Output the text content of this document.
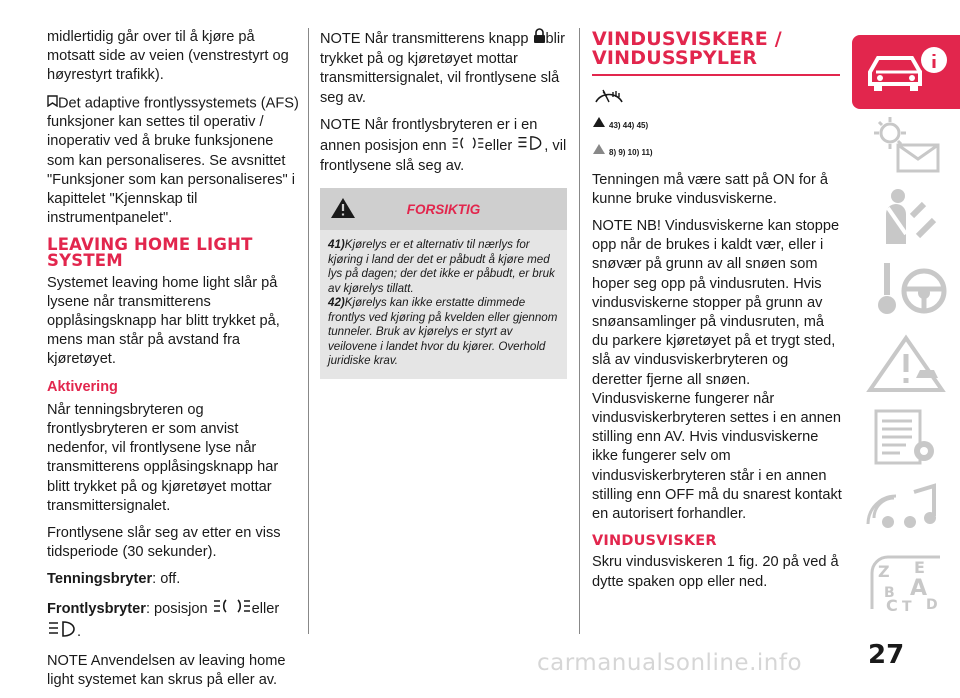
midlertidig går over til å kjøre på motsatt side av veien (venstrestyrt og høyrestyrt trafikk).

Det adaptive frontlyssystemets (AFS) funksjoner kan settes til operativ / inoperativ ved å bruke funksjonene som kan personaliseres. Se avsnittet "Funksjoner som kan personaliseres" i kapittelet "Kjennskap til instrumentpanelet".

LEAVING HOME LIGHT
SYSTEM

Systemet leaving home light slår på lysene når transmitterens opplåsingsknapp har blitt trykket på, mens man står på avstand fra kjøretøyet.

Aktivering

Når tenningsbryteren og frontlysbryteren er som anvist nedenfor, vil frontlysene lyse når transmitterens opplåsingsknapp har blitt trykket på og kjøretøyet mottar transmittersignalet.

Frontlysene slår seg av etter en viss tidsperiode (30 sekunder).

Tenningsbryter: off.

Frontlysbryter: posisjon	eller
.

NOTE Anvendelsen av leaving home light systemet kan skrus på eller av.

NOTE Når transmitterens knapp blir trykket på og kjøretøyet mottar transmittersignalet, vil frontlysene slå seg av.

NOTE Når frontlysbryteren er i en annen posisjon enn	eller , vil frontlysene slå seg av.

FORSIKTIG

41)Kjørelys er et alternativ til nærlys for kjøring i land der det er påbudt å kjøre med lys på dagen; der det ikke er påbudt, er bruk av kjørelys tillatt.

42)Kjørelys kan ikke erstatte dimmede frontlys ved kjøring på kvelden eller gjennom tunneler. Bruk av kjørelys er styrt av veilovene i landet hvor du kjører. Overhold juridiske krav.

VINDUSVISKERE /
VINDUSSPYLER
43) 44) 45)
8) 9) 10) 11)

Tenningen må være satt på ON for å kunne bruke vindusviskerne.

NOTE NB! Vindusviskerne kan stoppe opp når de brukes i kaldt vær, eller i snøvær på grunn av all snøen som hoper seg opp på vindusruten. Hvis vindusviskerne stopper på grunn av snøansamlinger på vindusruten, må du parkere kjøretøyet på et trygt sted, slå av vindusviskerbryteren og deretter fjerne all snøen. Vindusviskerne fungerer når vindusviskerbryteren settes i en annen stilling enn AV. Hvis vindusviskerne ikke fungerer selv om vindusviskerbryteren står i en annen stilling enn OFF må du snarest kontakt en autorisert forhandler.

VINDUSVISKER

Skru vindusviskeren 1 fig. 20 på ved å dytte spaken opp eller ned.

Z E
B A
C T D
27
carmanualsonline.info
